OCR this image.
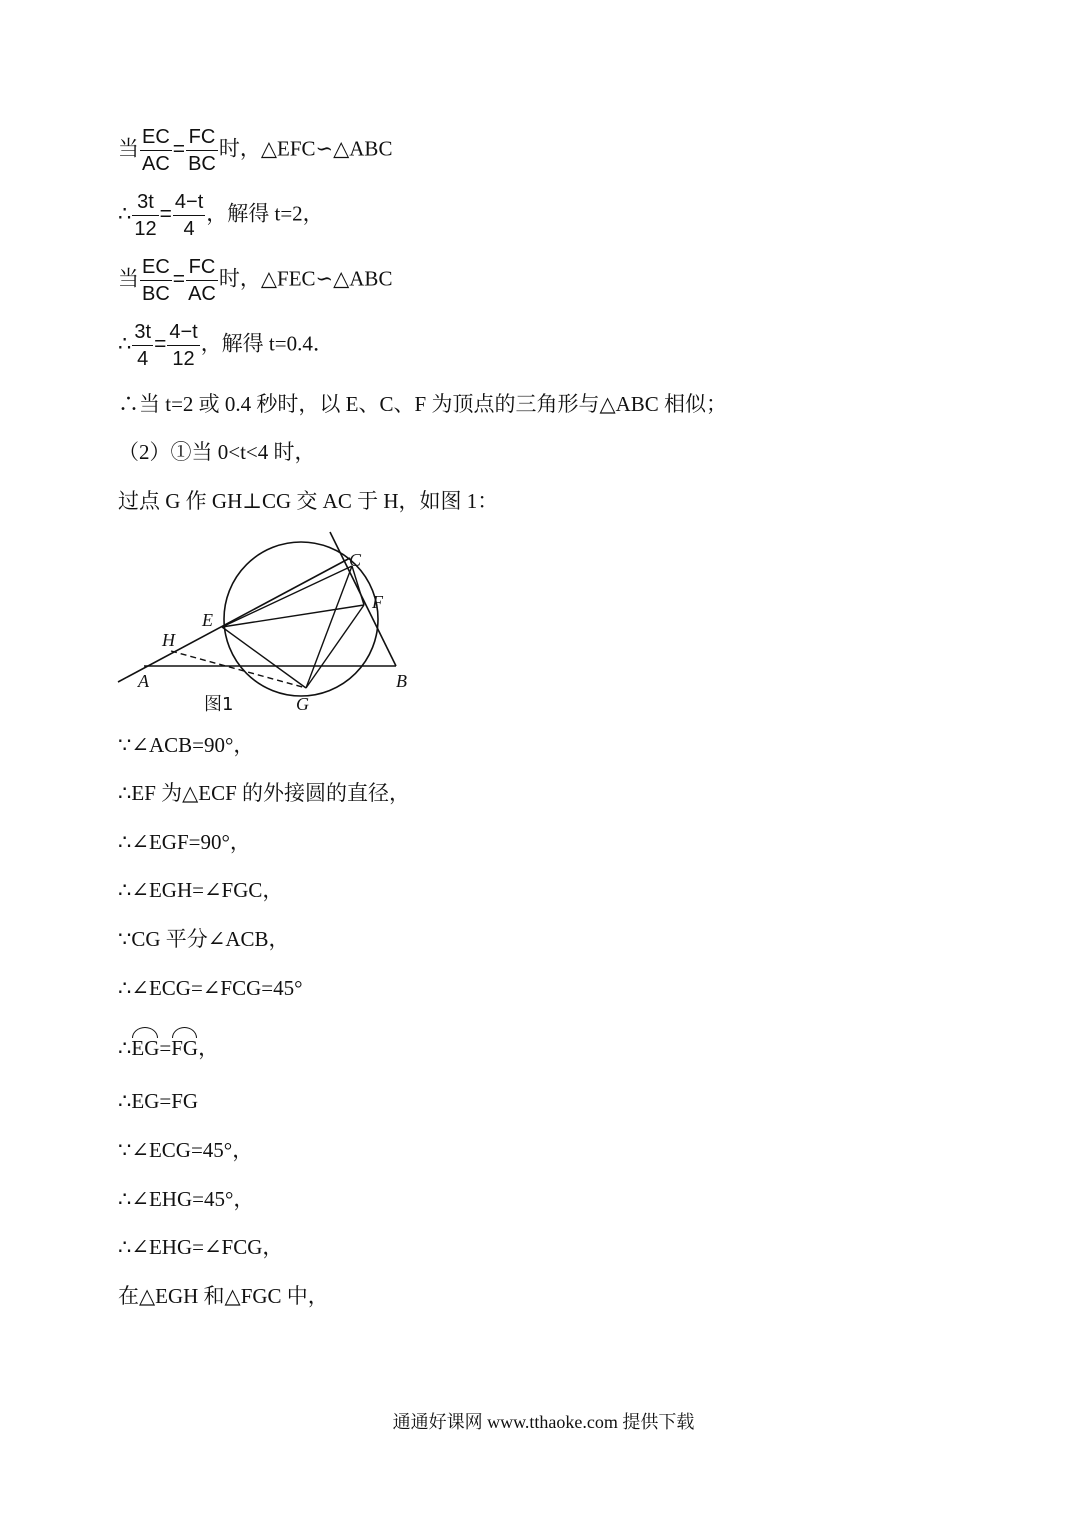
当 $\frac{EC}{AC} = \frac{FC}{BC}$ 时，△EFC∽△ABC
∴ $\frac{3t}{12} = \frac{4-t}{4}$ ，解得 t=2，
当 $\frac{EC}{BC} = \frac{FC}{AC}$ 时，△FEC∽△ABC
∴ $\frac{3t}{4} = \frac{4-t}{12}$ ，解得 t=0.4．
∴当 t=2 或 0.4 秒时，以 E、C、F 为顶点的三角形与△ABC 相似；
（2）①当 0<t<4 时，
过点 G 作 GH⊥CG 交 AC 于 H，如图 1：
A	B
C
E
F
G
H
图1
∵∠ACB=90°，
∴EF 为△ECF 的外接圆的直径，
∴∠EGF=90°，
∴∠EGH=∠FGC，
∵CG 平分∠ACB，
∴∠ECG=∠FCG=45°
∴EG=FG，
∴EG=FG
∵∠ECG=45°，
∴∠EHG=45°，
∴∠EHG=∠FCG，
在△EGH 和△FGC 中，
通通好课网 www.tthaoke.com 提供下载
